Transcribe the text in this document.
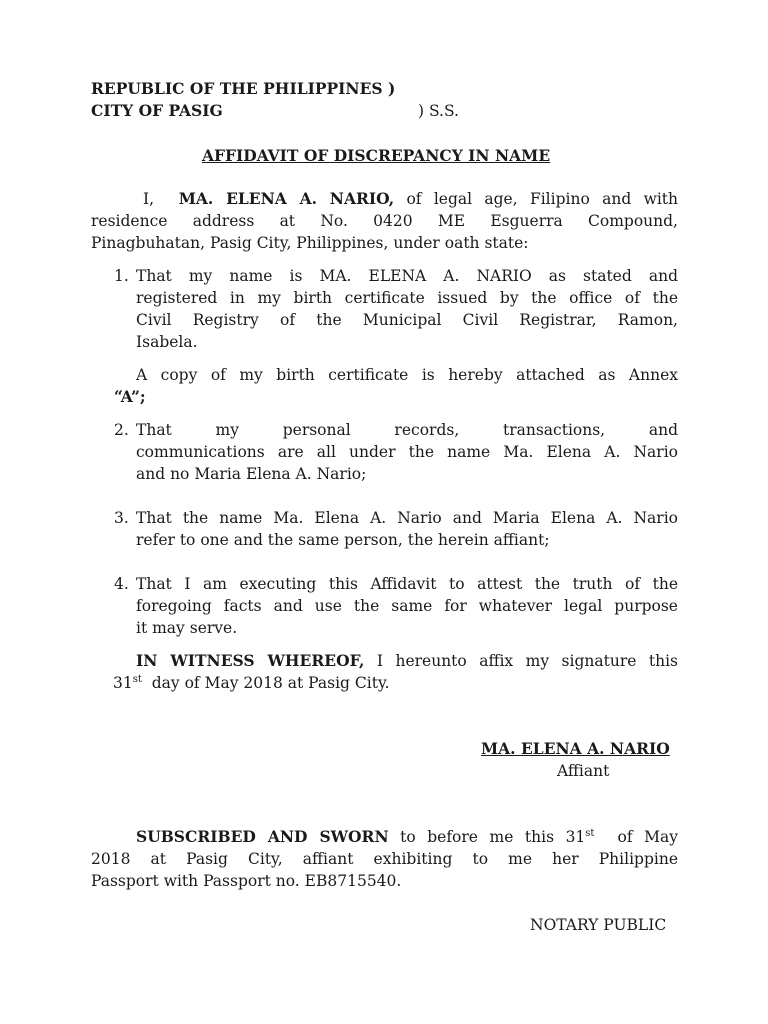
REPUBLIC OF THE PHILIPPINES )
CITY OF PASIG	) S.S.
AFFIDAVIT OF DISCREPANCY IN NAME
I, MA. ELENA A. NARIO, of legal age, Filipino and with
residence address at No. 0420 ME Esguerra Compound,
Pinagbuhatan, Pasig City, Philippines, under oath state:
1. That my name is MA. ELENA A. NARIO as stated and
registered in my birth certificate issued by the office of the
Civil Registry of the Municipal Civil Registrar, Ramon,
Isabela.
A copy of my birth certificate is hereby attached as Annex
“A”;
2. That my personal records, transactions, and
communications are all under the name Ma. Elena A. Nario
and no Maria Elena A. Nario;
3. That the name Ma. Elena A. Nario and Maria Elena A. Nario
refer to one and the same person, the herein affiant;
4. That I am executing this Affidavit to attest the truth of the
foregoing facts and use the same for whatever legal purpose
it may serve.
IN WITNESS WHEREOF, I hereunto affix my signature this
31st day of May 2018 at Pasig City.
MA. ELENA A. NARIO
Affiant
SUBSCRIBED AND SWORN to before me this 31st of May
2018 at Pasig City, affiant exhibiting to me her Philippine
Passport with Passport no. EB8715540.
NOTARY PUBLIC
